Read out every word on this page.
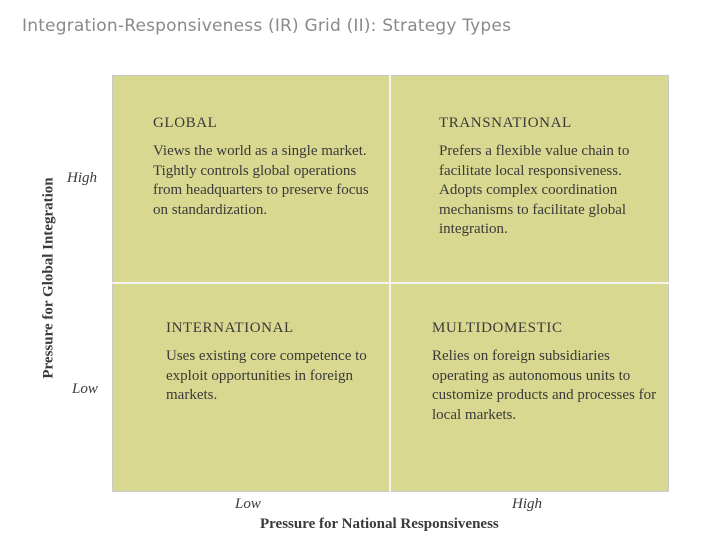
Integration-Responsiveness (IR) Grid (II): Strategy Types
GLOBAL
Views the world as a single market. Tightly controls global operations from headquarters to preserve focus on standardization.
TRANSNATIONAL
Prefers a flexible value chain to facilitate local responsiveness. Adopts complex coordination mechanisms to facilitate global integration.
INTERNATIONAL
Uses existing core competence to exploit opportunities in foreign markets.
MULTIDOMESTIC
Relies on foreign subsidiaries operating as autonomous units to customize products and processes for local markets.
High
Low
Low	High
Pressure for National Responsiveness
Pressure for Global Integration
